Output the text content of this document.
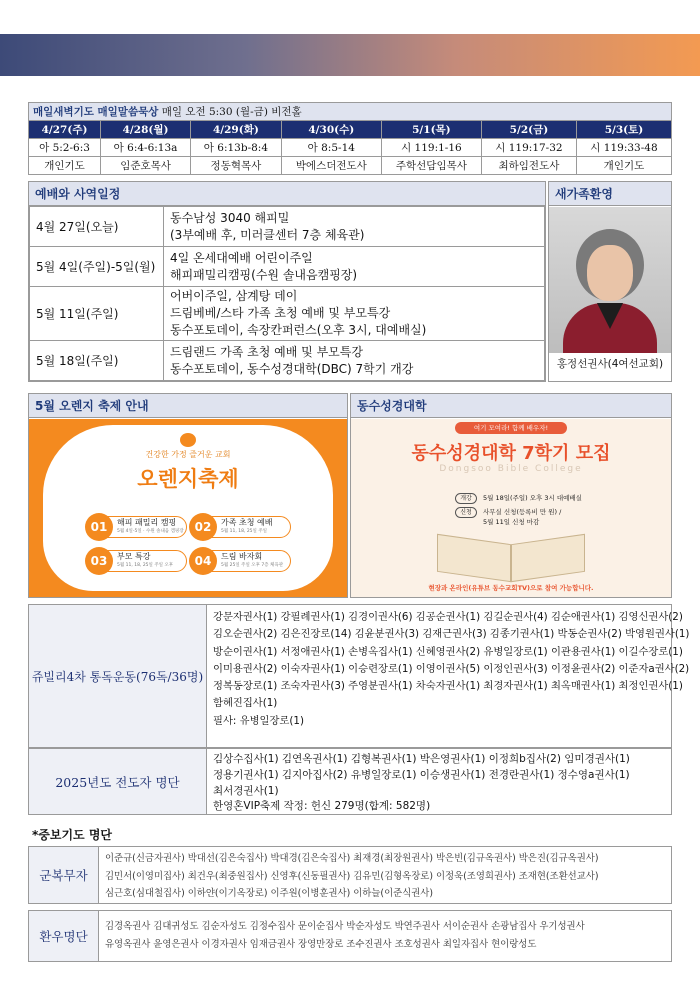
매일새벽기도 매일말씀묵상 매일 오전 5:30 (월-금) 비전홀						
4/27(주)	4/28(월)	4/29(화)	4/30(수)	5/1(목)	5/2(금)	5/3(토)
아 5:2-6:3	아 6:4-6:13a	아 6:13b-8:4	아 8:5-14	시 119:1-16	시 119:17-32	시 119:33-48
개인기도	임준호목사	정동혁목사	박에스더전도사	주학선담임목사	최하임전도사	개인기도
예배와 사역일정
4월 27일(오늘)	동수남성 3040 해피밀
(3부예배 후, 미러클센터 7층 체육관)

5월 4일(주일)-5일(월)	4일 온세대예배 어린이주일
해피패밀리캠핑(수원 솔내음캠핑장)

5월 11일(주일)	어버이주일, 삼계탕 데이
드림베베/스타 가족 초청 예배 및 부모특강
동수포토데이, 속장칸퍼런스(오후 3시, 대예배실)

5월 18일(주일)	드림랜드 가족 초청 예배 및 부모특강
동수포토데이, 동수성경대학(DBC) 7학기 개강
새가족환영
홍정선권사(4여선교회)
5월 오렌지 축제 안내
건강한 가정 즐거운 교회
오렌지축제
01	해피 패밀리 캠핑
5월 4일-5일 · 수원 솔내음 캠핑장 02	가족 초청 예배
5월 11, 18, 25일 주일
03	부모 특강
5월 11, 18, 25일 주일 오후	04	드림 바자회
5월 25일 주일 오후 7층 체육관
동수성경대학
여기 모여라! 함께 배우자!
동수성경대학 7학기 모집
Dongsoo Bible College
개강	5월 18일(주일) 오후 3시 대예배실
신청	사무실 신청(등록비 만 원) /
5월 11일 신청 마감
현장과 온라인(유튜브 동수교회TV)으로 참여 가능합니다.
쥬빌리4차 통독운동(76독/36명)
강문자권사(1) 강필례권사(1) 김경이권사(6) 김공순권사(1) 김길순권사(4) 김순애권사(1) 김영신권사(2)
김오순권사(2) 김은진장로(14) 김윤분권사(3) 김재근권사(3) 김종기권사(1) 박동순권사(2) 박영원권사(1)
방순이권사(1) 서정애권사(1) 손병옥집사(1) 신혜영권사(2) 유병일장로(1) 이관용권사(1) 이길수장로(1)
이미용권사(2) 이숙자권사(1) 이승련장로(1) 이영이권사(5) 이정인권사(3) 이정윤권사(2) 이준자a권사(2)
정복동장로(1) 조숙자권사(3) 주영분권사(1) 차숙자권사(1) 최경자권사(1) 최옥매권사(1) 최정인권사(1)
함혜진집사(1)
필사: 유병일장로(1)
2025년도 전도자 명단
김상수집사(1) 김연옥권사(1) 김형복권사(1) 박은영권사(1) 이정희b집사(2) 임미경권사(1)
정용기권사(1) 김지아집사(2) 유병일장로(1) 이승생권사(1) 전경란권사(1) 정수영a권사(1)
최서경권사(1)
한영혼VIP축제 작정: 헌신 279명(합계: 582명)
*중보기도 명단
군복무자
이준규(신금자권사) 박대선(김은숙집사) 박대경(김은숙집사) 최재경(최장원권사) 박은빈(김규옥권사) 박은진(김규옥권사)
김민서(이영미집사) 최건우(최중원집사) 신영후(신동필권사) 김유민(김형옥장로) 이정욱(조영희권사) 조재현(조환선교사)
심근호(심대철집사) 이하얀(이기옥장로) 이주원(이병훈권사) 이하늘(이준식권사)
환우명단
김경옥권사 김대귀성도 김순자성도 김정수집사 문이순집사 박순자성도 박연주권사 서이순권사 손광남집사 우기성권사
유영옥권사 윤영은권사 이경자권사 임재금권사 장영만장로 조수진권사 조호성권사 최일자집사 현이랑성도
